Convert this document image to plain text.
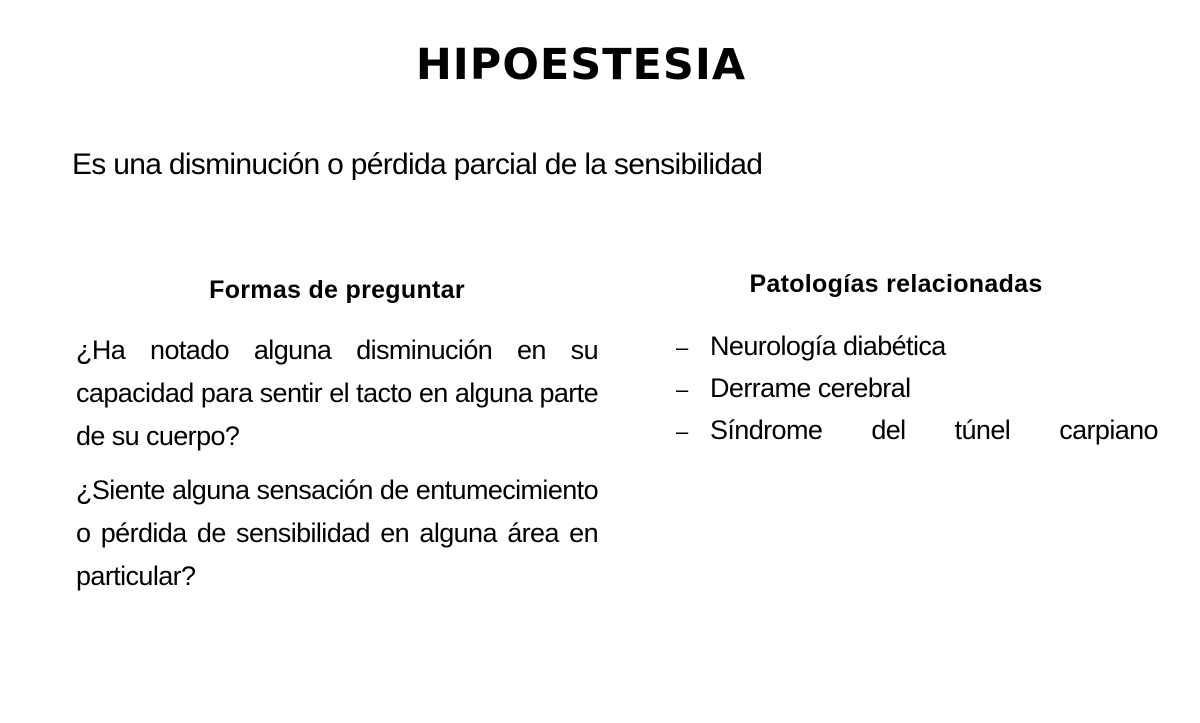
HIPOESTESIA
Es una disminución o pérdida parcial de la sensibilidad
Formas de preguntar

¿Ha notado alguna disminución en su capacidad para sentir el tacto en alguna parte de su cuerpo?

¿Siente alguna sensación de entumecimiento o pérdida de sensibilidad en alguna área en particular?

Patologías relacionadas
– Neurología diabética
– Derrame cerebral
– Síndrome del túnel carpiano
